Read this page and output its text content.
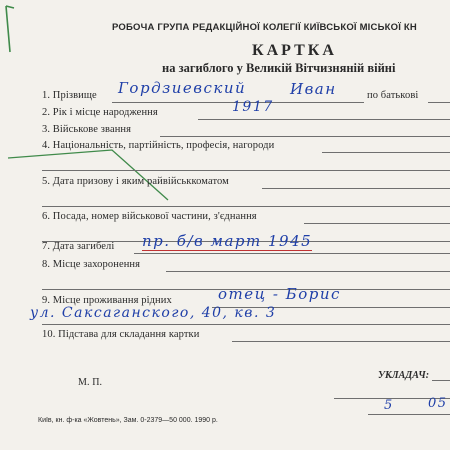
РОБОЧА ГРУПА РЕДАКЦІЙНОЇ КОЛЕГІЇ КИЇВСЬКОЇ МІСЬКОЇ КН
КАРТКА
на загиблого у Великій Вітчизняній війні
1. Прізвище Гордзиевский	Иван	по батькові
2. Рік і місце народження	1917
3. Військове звання
4. Національність, партійність, професія, нагороди
5. Дата призову і яким райвійськкоматом
6. Посада, номер військової частини, з'єднання
7. Дата загибелі пр. б/в март 1945
8. Місце захоронення
9. Місце проживання рідних	отец - Борис
ул. Саксаганского, 40, кв. 3
10. Підстава для складання картки
М. П.
УКЛАДАЧ:
5	05
Київ, кн. ф-ка «Жовтень», Зам. 0-2379—50 000. 1990 р.
